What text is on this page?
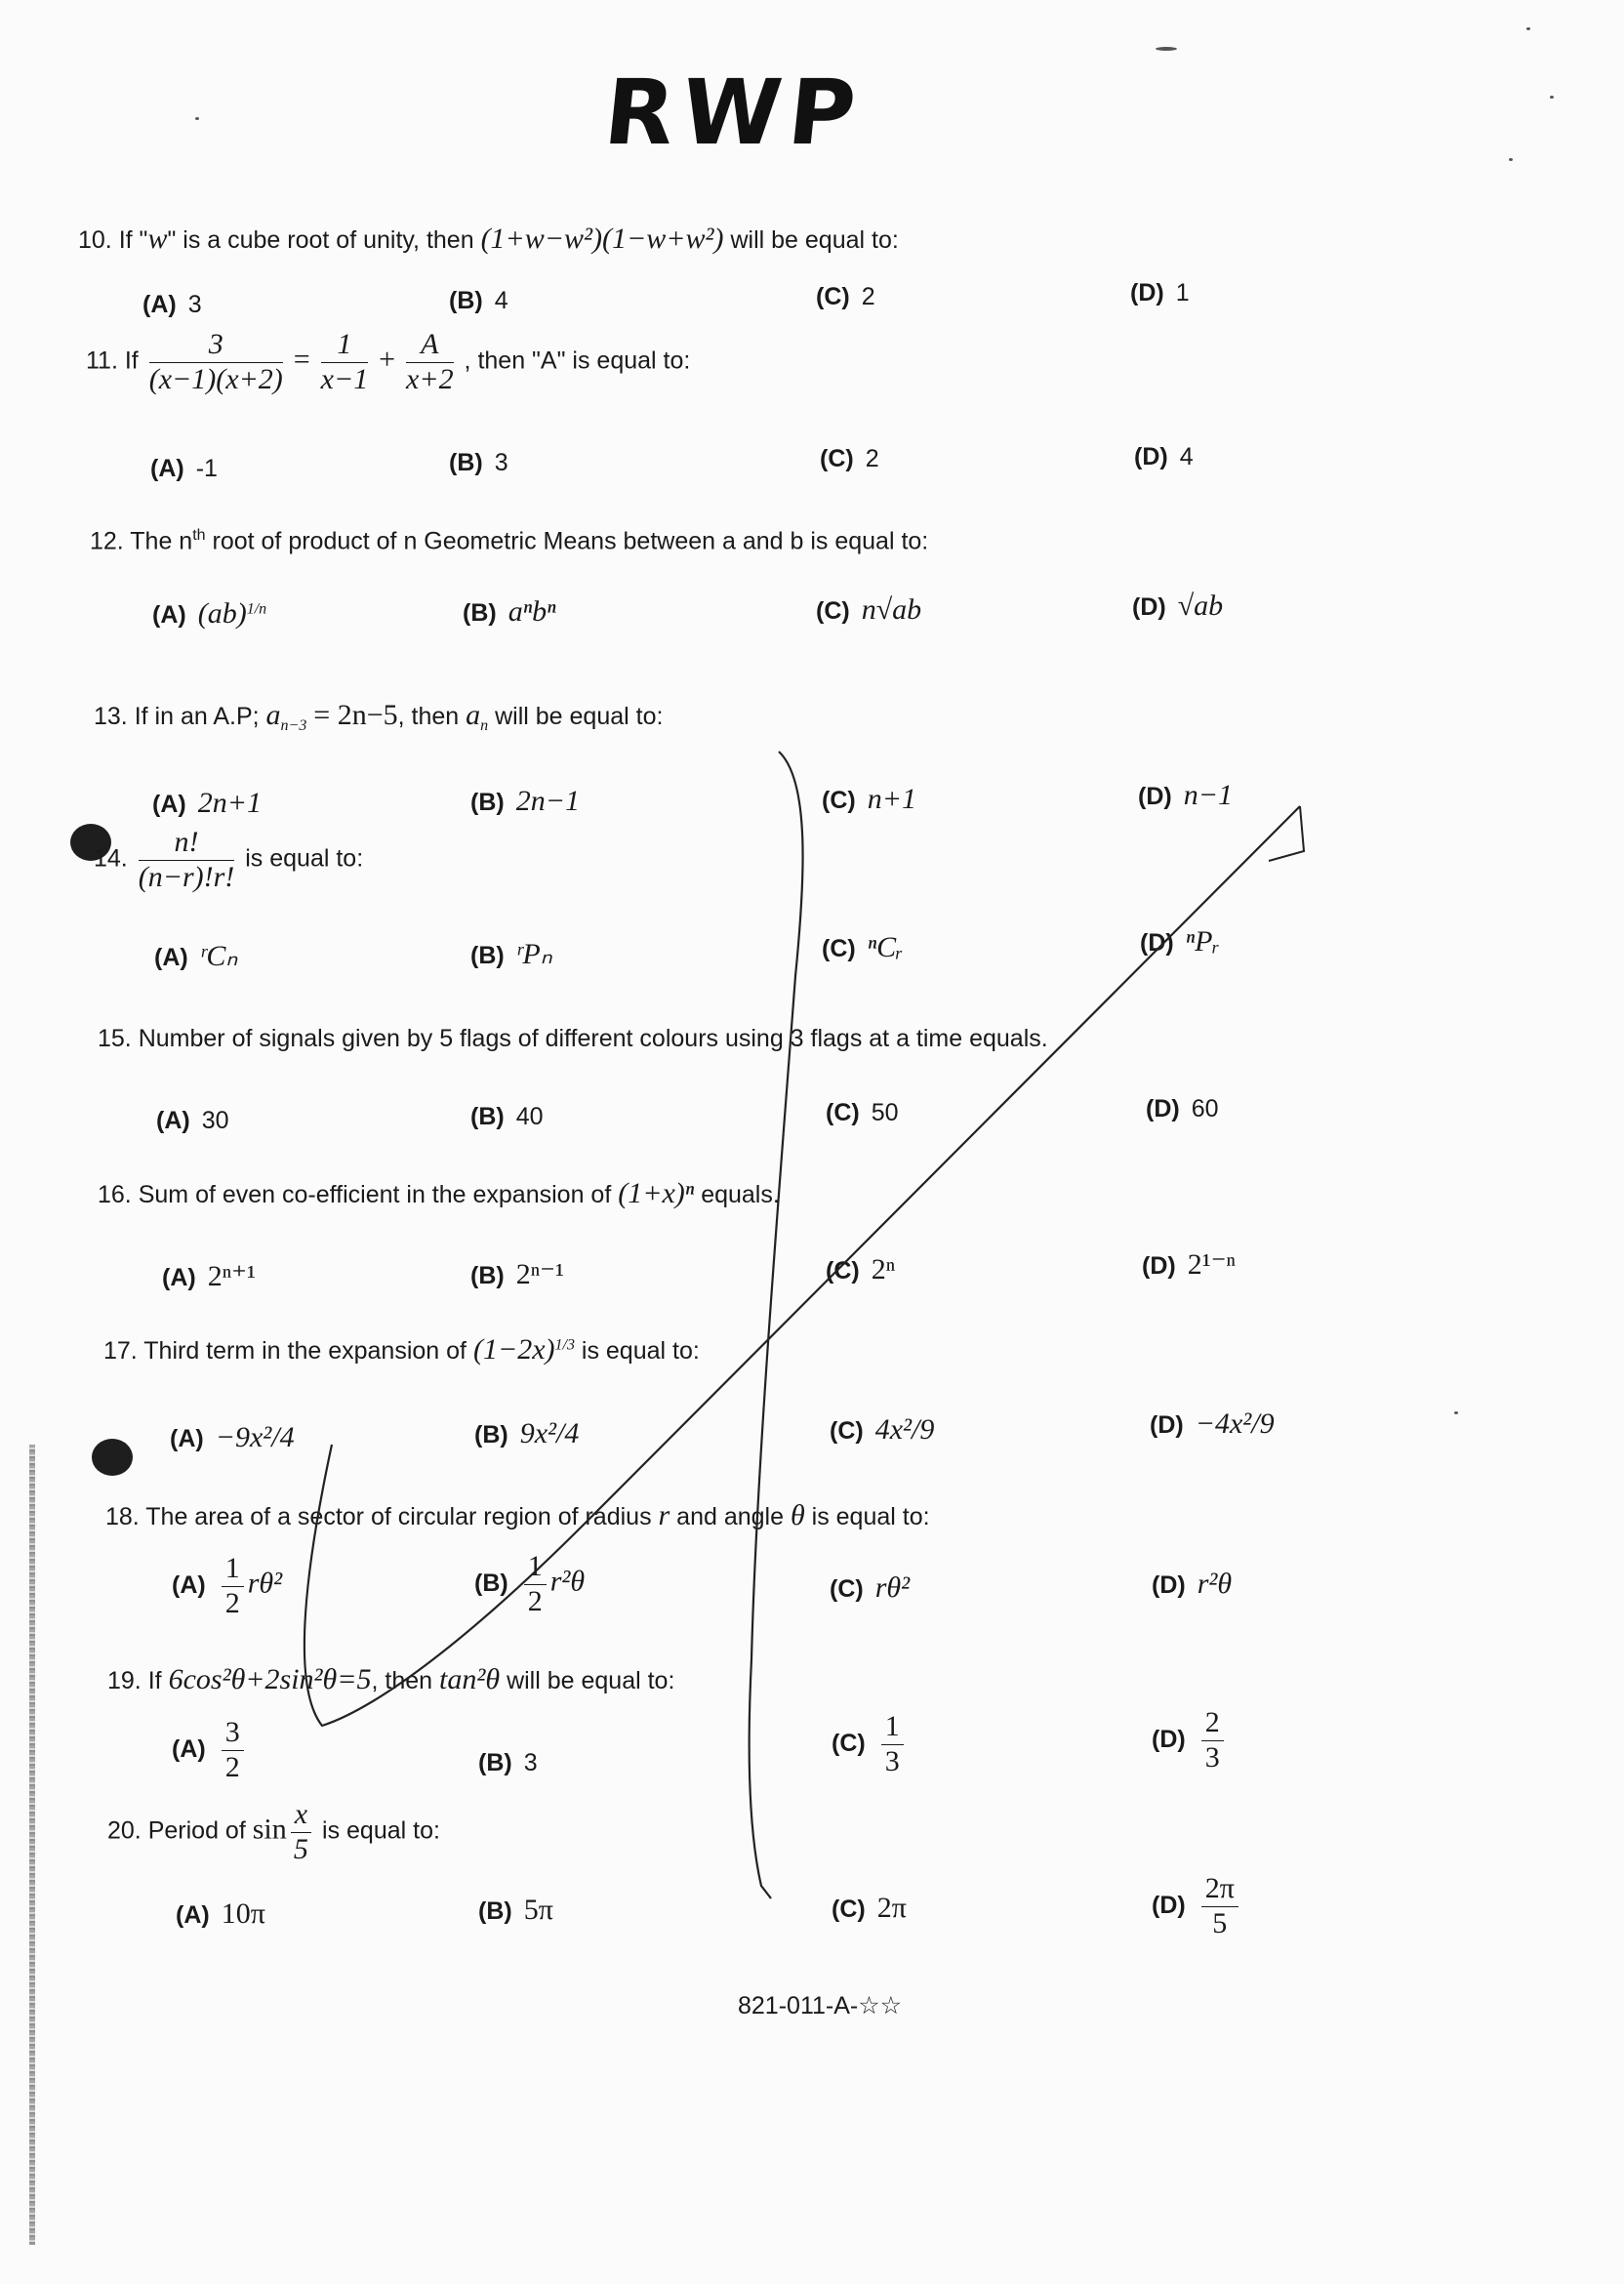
RWP
10. If "w" is a cube root of unity, then (1+w−w²)(1−w+w²) will be equal to:
(A) 3	(B) 4	(C) 2	(D) 1
11. If $\frac{3}{(x-1)(x+2)} = \frac{1}{x-1} + \frac{A}{x+2}$ , then "A" is equal to:
(A) -1	(B) 3	(C) 2	(D) 4
12. The $n^{th}$ root of product of n Geometric Means between a and b is equal to:
(A) (ab)$^{1/n}$	(B) aⁿbⁿ	(C) n√ab	(D) √ab
13. If in an A.P; $a_{n-3} = 2n-5$, then $a_n$ will be equal to:
(A) 2n+1	(B) 2n−1	(C) n+1	(D) n−1
14. $\frac{n!}{(n-r)!r!}$ is equal to:
(A) ʳCₙ	(B) ʳPₙ	(C) ⁿCᵣ	(D) ⁿPᵣ
15. Number of signals given by 5 flags of different colours using 3 flags at a time equals.
(A) 30	(B) 40	(C) 50	(D) 60
16. Sum of even co-efficient in the expansion of (1+x)ⁿ equals.
(A) 2ⁿ⁺¹	(B) 2ⁿ⁻¹	(C) 2ⁿ	(D) 2¹⁻ⁿ
17. Third term in the expansion of $(1-2x)^{1/3}$ is equal to:
(A) −9x²/4	(B) 9x²/4	(C) 4x²/9	(D) −4x²/9
18. The area of a sector of circular region of radius r and angle θ is equal to:
$(A) \frac{1}{2} r\theta^2$	$(B) \frac{1}{2} r^2\theta$	(C) rθ²	(D) r²θ
19. If 6cos²θ+2sin²θ=5, then tan²θ will be equal to:
$(A) \frac{3}{2}$	(B) 3
$(C) \frac{1}{3}$	$(D) \frac{2}{3}$
20. Period of $\sin \frac{x}{5}$ is equal to:
(A) 10π	(B) 5π	(C) 2π	$(D) \frac{2\pi}{5}$
821-011-A-☆☆
